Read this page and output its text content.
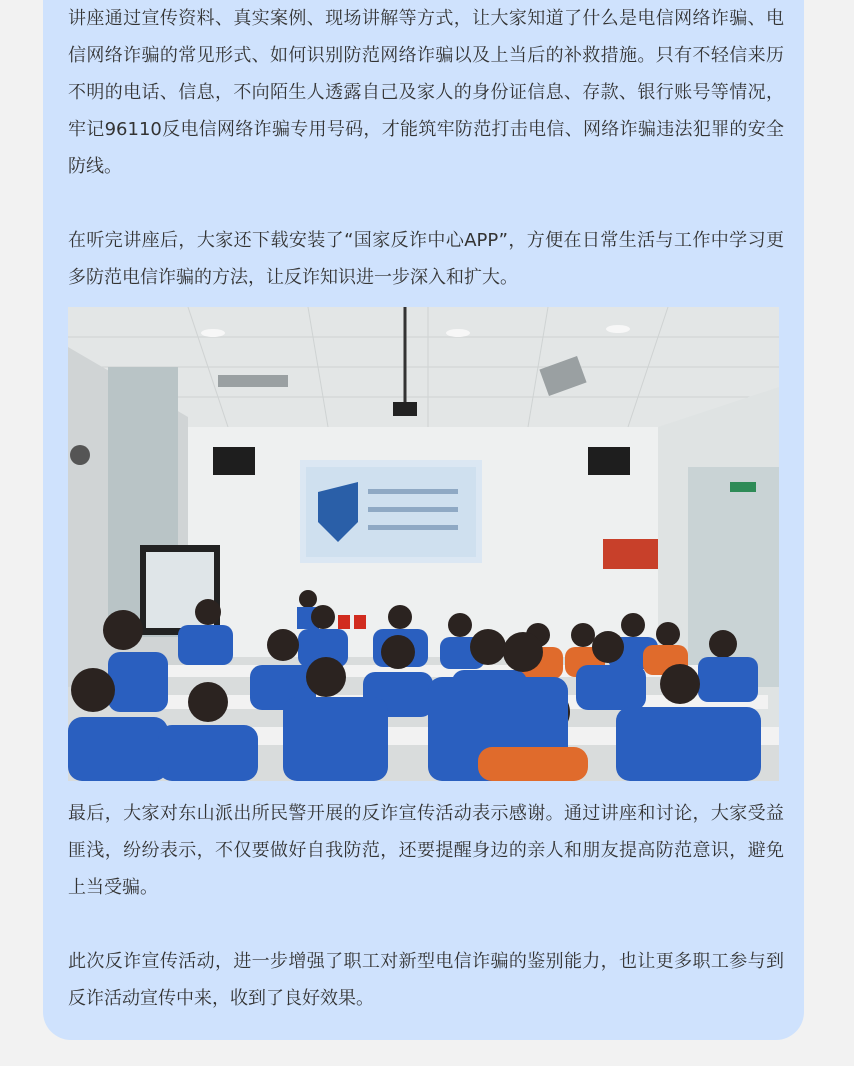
讲座通过宣传资料、真实案例、现场讲解等方式，让大家知道了什么是电信网络诈骗、电信网络诈骗的常见形式、如何识别防范网络诈骗以及上当后的补救措施。只有不轻信来历不明的电话、信息，不向陌生人透露自己及家人的身份证信息、存款、银行账号等情况，牢记96110反电信网络诈骗专用号码，才能筑牢防范打击电信、网络诈骗违法犯罪的安全防线。

在听完讲座后，大家还下载安装了“国家反诈中心APP”，方便在日常生活与工作中学习更多防范电信诈骗的方法，让反诈知识进一步深入和扩大。

最后，大家对东山派出所民警开展的反诈宣传活动表示感谢。通过讲座和讨论，大家受益匪浅，纷纷表示，不仅要做好自我防范，还要提醒身边的亲人和朋友提高防范意识，避免上当受骗。

此次反诈宣传活动，进一步增强了职工对新型电信诈骗的鉴别能力，也让更多职工参与到反诈活动宣传中来，收到了良好效果。
